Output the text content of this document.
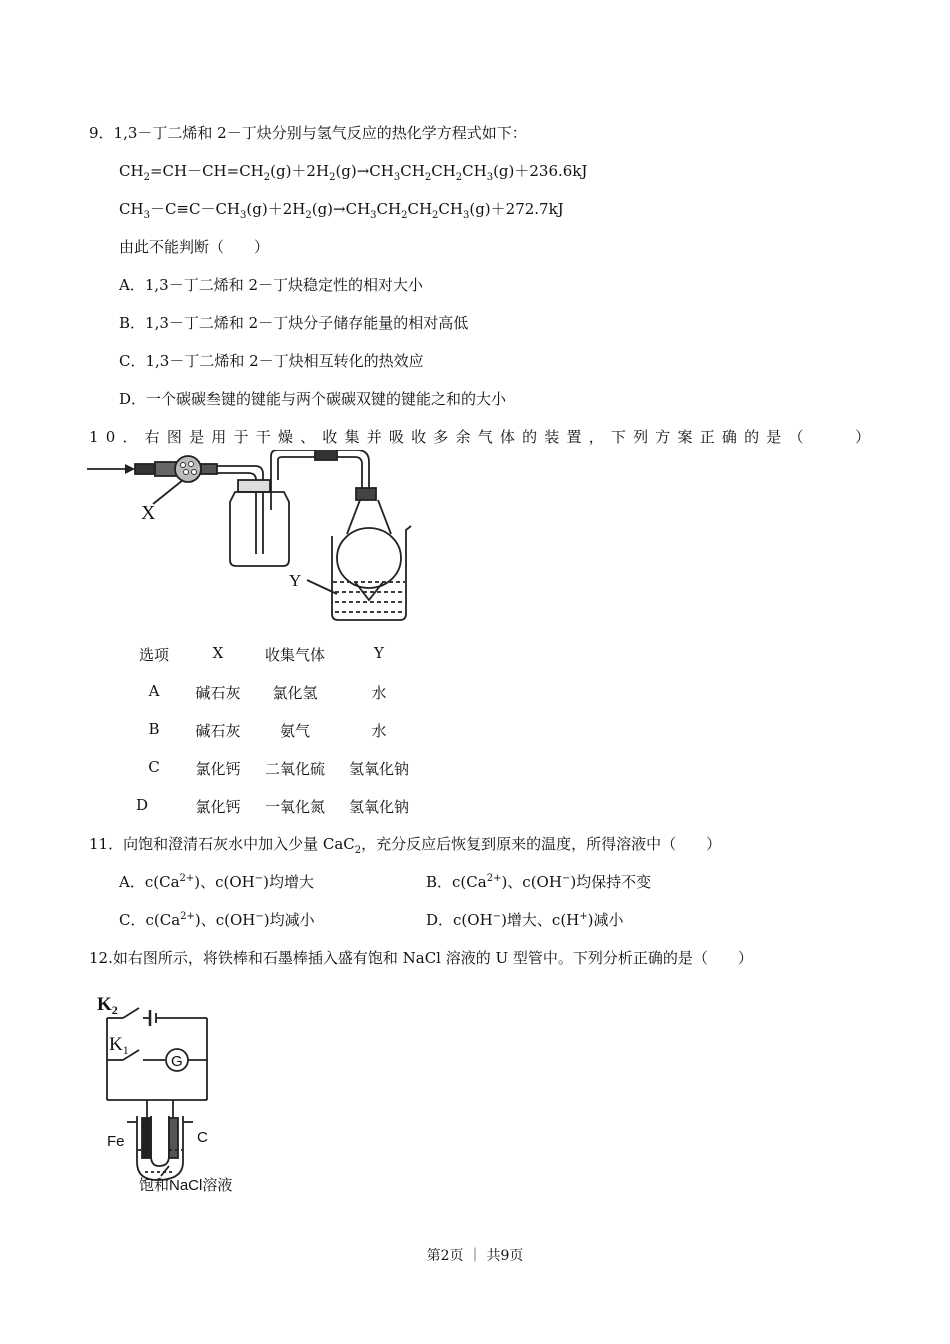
9．1,3－丁二烯和 2－丁炔分别与氢气反应的热化学方程式如下：
$CH_2=CH-CH=CH_2(g)+2H_2(g)\to CH_3CH_2CH_2CH_3(g)+236.6kJ$
$CH_3-C\equiv C-CH_3(g)+2H_2(g)\to CH_3CH_2CH_2CH_3(g)+272.7kJ$
由此不能判断（　　）
A．1,3－丁二烯和 2－丁炔稳定性的相对大小
B．1,3－丁二烯和 2－丁炔分子储存能量的相对高低
C．1,3－丁二烯和 2－丁炔相互转化的热效应
D．一个碳碳叁键的键能与两个碳碳双键的键能之和的大小
10．右图是用于干燥、收集并吸收多余气体的装置，下列方案正确的是（　　）
X
Y
选项	X	收集气体	Y
A	碱石灰	氯化氢	水
B	碱石灰	氨气	水
C	氯化钙	二氧化硫	氢氧化钠
D	氯化钙	一氧化氮	氢氧化钠
11．向饱和澄清石灰水中加入少量 CaC$_2$，充分反应后恢复到原来的温度，所得溶液中（　　）
A．$c(Ca^{2+})$、c(OH−)均增大	B．$c(Ca^{2+})$、c(OH−)均保持不变
C．$c(Ca^{2+})$、c(OH−)均减小	D．c(OH−)增大、c(H+)减小
12.如右图所示，将铁棒和石墨棒插入盛有饱和 NaCl 溶液的 U 型管中。下列分析正确的是（　　）
$K_2$
$K_1$
G
Fe	C
饱和NaCl溶液
第2页 ｜ 共9页
